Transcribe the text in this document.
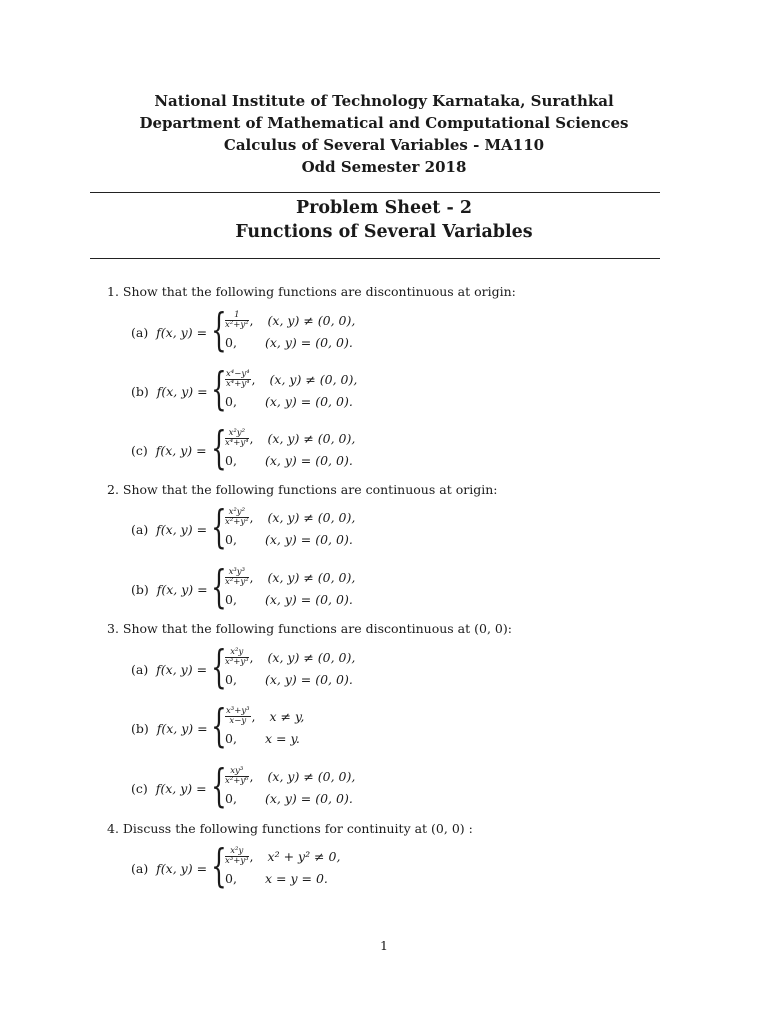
National Institute of Technology Karnataka, Surathkal
Department of Mathematical and Computational Sciences
Calculus of Several Variables - MA110
Odd Semester 2018
Problem Sheet - 2
Functions of Several Variables
1. Show that the following functions are discontinuous at origin:
(a) f(x, y) = {
$\frac{1}{\text{x²+y²}}$ , (x, y) ≠ (0, 0),
0, (x, y) = (0, 0).
(b) f(x, y) = {
$\frac{\text{x⁴−y⁴}}{\text{x⁴+y⁴}}$ , (x, y) ≠ (0, 0),
0, (x, y) = (0, 0).
(c) f(x, y) = {
$\frac{\text{x²y²}}{\text{x⁴+y⁴}}$ , (x, y) ≠ (0, 0),
0, (x, y) = (0, 0).
2. Show that the following functions are continuous at origin:
(a) f(x, y) = {
$\frac{\text{x²y²}}{\text{x²+y²}}$ , (x, y) ≠ (0, 0),
0, (x, y) = (0, 0).
(b) f(x, y) = {
$\frac{\text{x³y³}}{\text{x²+y²}}$ , (x, y) ≠ (0, 0),
0, (x, y) = (0, 0).
3. Show that the following functions are discontinuous at (0, 0):
(a) f(x, y) = {
$\frac{\text{x²y}}{\text{x³+y³}}$ , (x, y) ≠ (0, 0),
0, (x, y) = (0, 0).
(b) f(x, y) = {
$\frac{\text{x³+y³}}{x-y}$ , x ≠ y,
0, x = y.
(c) f(x, y) = {
$\frac{\text{xy³}}{\text{x²+y⁶}}$ , (x, y) ≠ (0, 0),
0, (x, y) = (0, 0).
4. Discuss the following functions for continuity at (0, 0) :
(a) f(x, y) = {
$\frac{\text{x²y}}{\text{x³+y³}}$ , x² + y² ≠ 0,
0, x = y = 0.
1
